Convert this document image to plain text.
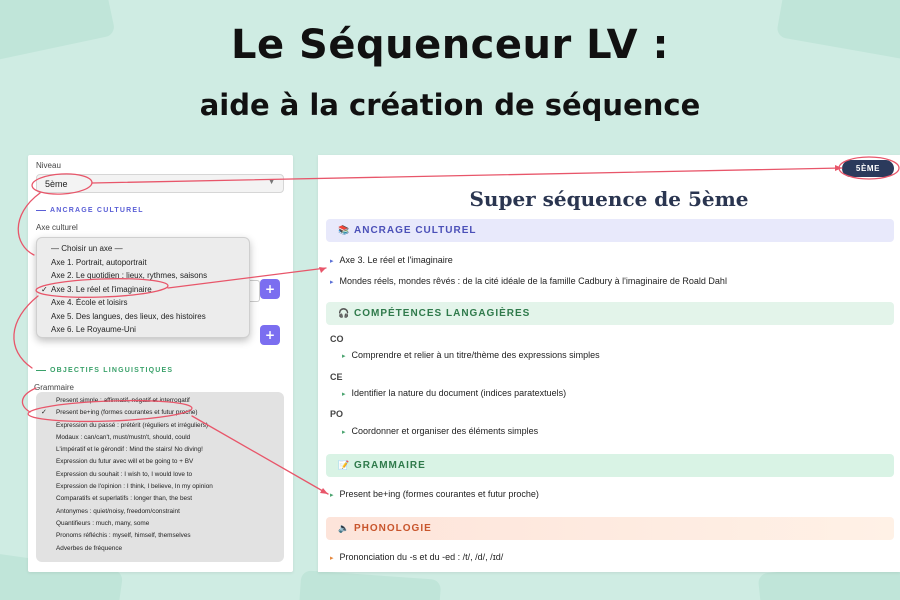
Le Séquenceur LV :
aide à la création de séquence
Niveau
5ème	▼
ANCRAGE CULTUREL
Axe culturel
+
+
— Choisir un axe —
Axe 1. Portrait, autoportrait
Axe 2. Le quotidien : lieux, rythmes, saisons
✓ Axe 3. Le réel et l'imaginaire
Axe 4. École et loisirs
Axe 5. Des langues, des lieux, des histoires
Axe 6. Le Royaume-Uni
OBJECTIFS LINGUISTIQUES
Grammaire
Present simple : affirmatif, négatif et interrogatif
✓ Present be+ing (formes courantes et futur proche)
Expression du passé : prétérit (réguliers et irréguliers)
Modaux : can/can't, must/mustn't, should, could
L'impératif et le gérondif : Mind the stairs! No diving!
Expression du futur avec will et be going to + BV
Expression du souhait : I wish to, I would love to
Expression de l'opinion : I think, I believe, In my opinion
Comparatifs et superlatifs : longer than, the best
Antonymes : quiet/noisy, freedom/constraint
Quantifieurs : much, many, some
Pronoms réfléchis : myself, himself, themselves
Adverbes de fréquence
5ÈME
Super séquence de 5ème
📚 ANCRAGE CULTUREL
▸ Axe 3. Le réel et l'imaginaire
▸ Mondes réels, mondes rêvés : de la cité idéale de la famille Cadbury à l'imaginaire de Roald Dahl
🎧 COMPÉTENCES LANGAGIÈRES
CO
▸ Comprendre et relier à un titre/thème des expressions simples
CE
▸ Identifier la nature du document (indices paratextuels)
PO
▸ Coordonner et organiser des éléments simples
📝 GRAMMAIRE
▸ Present be+ing (formes courantes et futur proche)
🔈 PHONOLOGIE
▸ Prononciation du -s et du -ed : /t/, /d/, /ɪd/
